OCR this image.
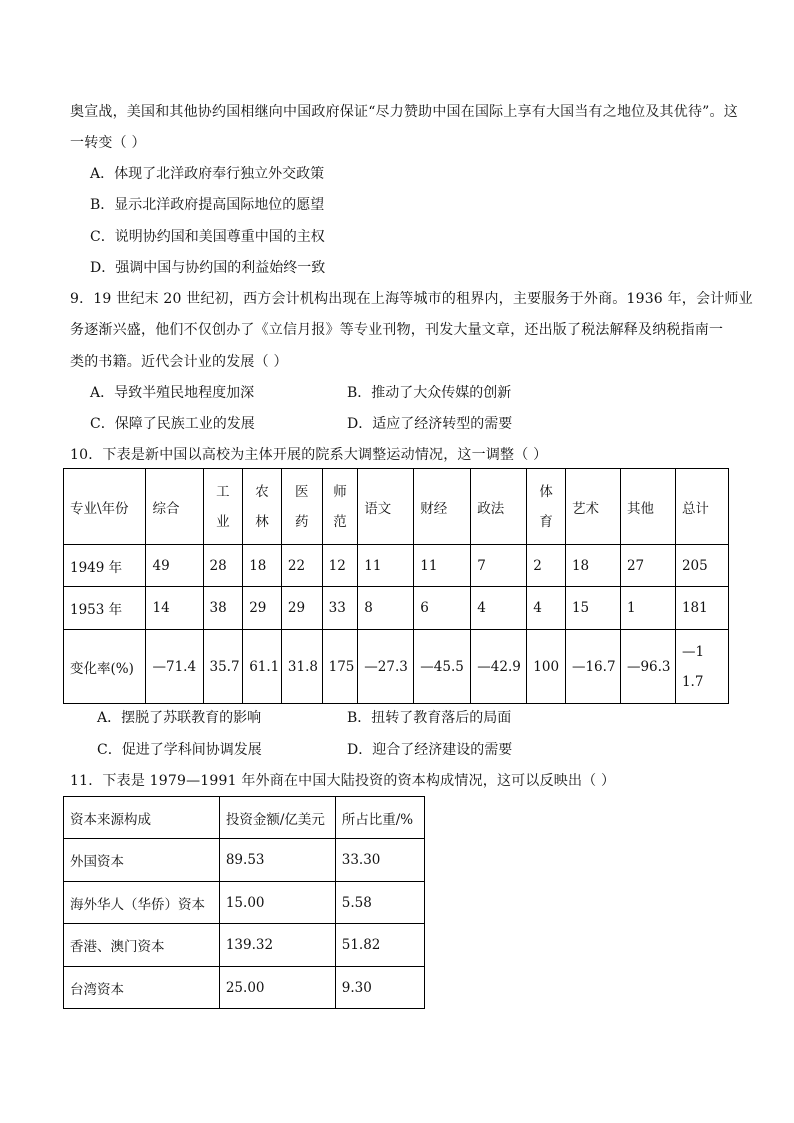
奥宣战，美国和其他协约国相继向中国政府保证“尽力赞助中国在国际上享有大国当有之地位及其优待”。这
一转变（ ）
A．体现了北洋政府奉行独立外交政策
B．显示北洋政府提高国际地位的愿望
C．说明协约国和美国尊重中国的主权
D．强调中国与协约国的利益始终一致
9．19 世纪末 20 世纪初，西方会计机构出现在上海等城市的租界内，主要服务于外商。1936 年，会计师业
务逐渐兴盛，他们不仅创办了《立信月报》等专业刊物，刊发大量文章，还出版了税法解释及纳税指南一
类的书籍。近代会计业的发展（ ）
A．导致半殖民地程度加深	B．推动了大众传媒的创新
C．保障了民族工业的发展	D．适应了经济转型的需要
10．下表是新中国以高校为主体开展的院系大调整运动情况，这一调整（ ）
专业\年份	综合	工业	农林	医药	师范	语文	财经	政法	体育	艺术	其他	总计
1949 年	49	28	18	22	12	11	11	7	2	18	27	205
1953 年	14	38	29	29	33	8	6	4	4	15	1	181
变化率(%)	—71.4	35.7	61.1	31.8	175	—27.3	—45.5	—42.9	100	—16.7	—96.3	—11.7
A．摆脱了苏联教育的影响	B．扭转了教育落后的局面
C．促进了学科间协调发展	D．迎合了经济建设的需要
11．下表是 1979—1991 年外商在中国大陆投资的资本构成情况，这可以反映出（ ）
资本来源构成	投资金额/亿美元	所占比重/%
外国资本	89.53	33.30
海外华人（华侨）资本	15.00	5.58
香港、澳门资本	139.32	51.82
台湾资本	25.00	9.30
